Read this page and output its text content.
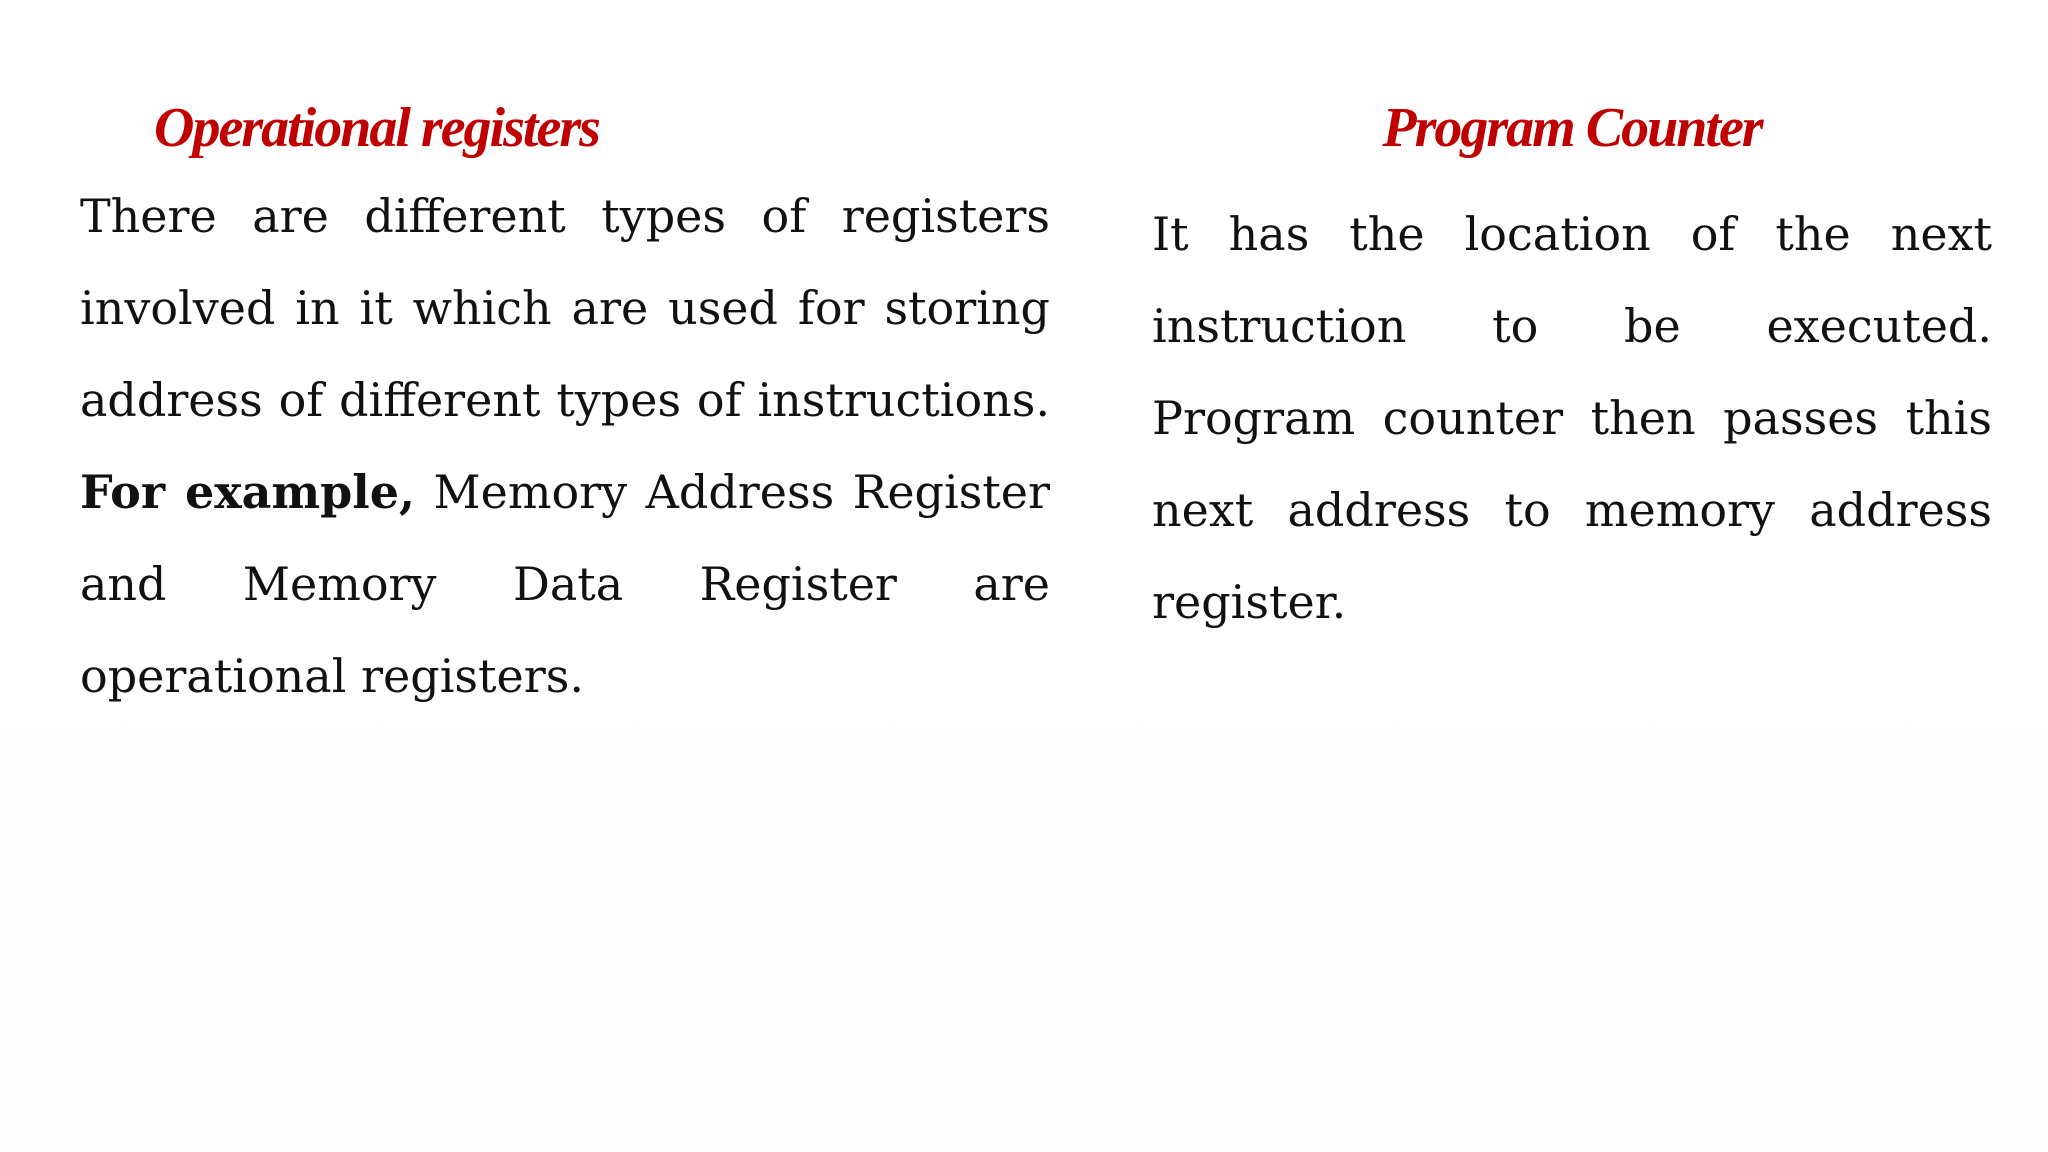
Operational registers

There are different types of registers involved in it which are used for storing address of different types of instructions. For example, Memory Address Register and Memory Data Register are operational registers.

Program Counter

It has the location of the next instruction to be executed. Program counter then passes this next address to memory address register.
